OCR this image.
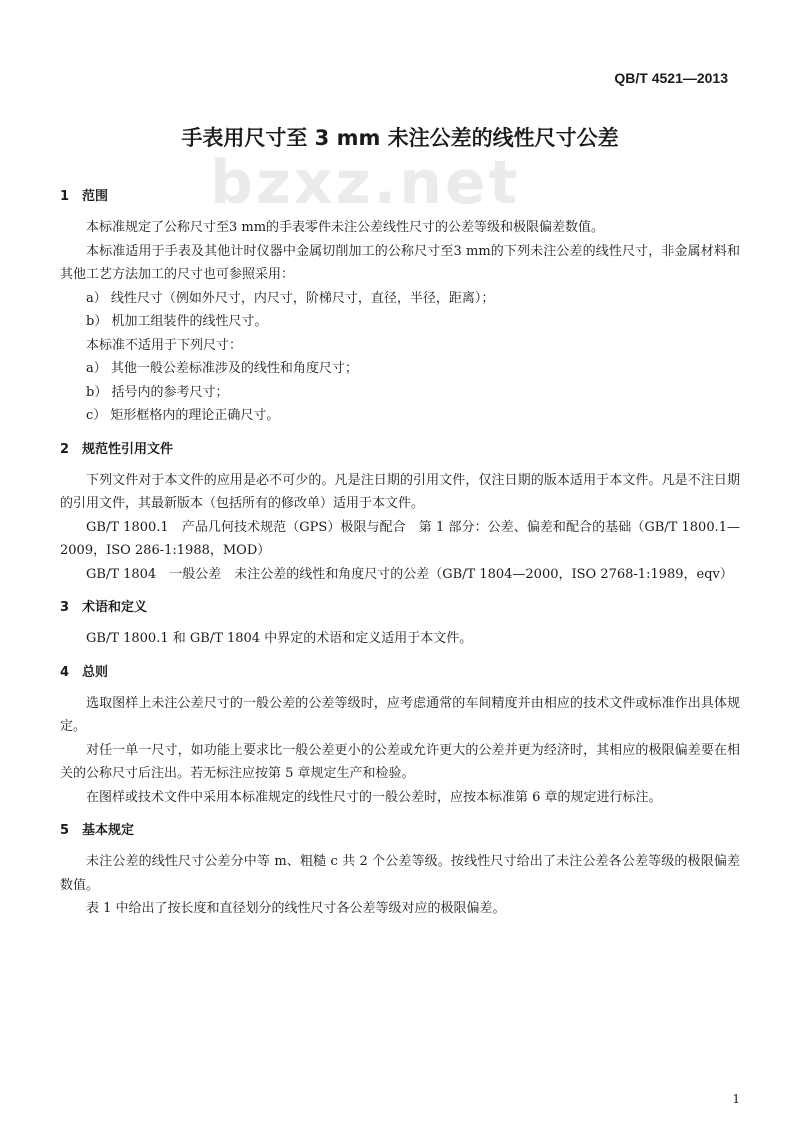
QB/T 4521—2013
bzxz.net
手表用尺寸至 3 mm 未注公差的线性尺寸公差
1 范围

本标准规定了公称尺寸至3 mm的手表零件未注公差线性尺寸的公差等级和极限偏差数值。

本标准适用于手表及其他计时仪器中金属切削加工的公称尺寸至3 mm的下列未注公差的线性尺寸，非金属材料和其他工艺方法加工的尺寸也可参照采用：

a） 线性尺寸（例如外尺寸，内尺寸，阶梯尺寸，直径，半径，距离）；

b） 机加工组装件的线性尺寸。

本标准不适用于下列尺寸：

a） 其他一般公差标准涉及的线性和角度尺寸；

b） 括号内的参考尺寸；

c） 矩形框格内的理论正确尺寸。

2 规范性引用文件

下列文件对于本文件的应用是必不可少的。凡是注日期的引用文件，仅注日期的版本适用于本文件。凡是不注日期的引用文件，其最新版本（包括所有的修改单）适用于本文件。

GB/T 1800.1　产品几何技术规范（GPS）极限与配合　第 1 部分：公差、偏差和配合的基础（GB/T 1800.1—2009，ISO 286-1:1988，MOD）

GB/T 1804　一般公差　未注公差的线性和角度尺寸的公差（GB/T 1804—2000，ISO 2768-1:1989，eqv）

3 术语和定义

GB/T 1800.1 和 GB/T 1804 中界定的术语和定义适用于本文件。

4 总则

选取图样上未注公差尺寸的一般公差的公差等级时，应考虑通常的车间精度并由相应的技术文件或标准作出具体规定。

对任一单一尺寸，如功能上要求比一般公差更小的公差或允许更大的公差并更为经济时，其相应的极限偏差要在相关的公称尺寸后注出。若无标注应按第 5 章规定生产和检验。

在图样或技术文件中采用本标准规定的线性尺寸的一般公差时，应按本标准第 6 章的规定进行标注。

5 基本规定

未注公差的线性尺寸公差分中等 m、粗糙 c 共 2 个公差等级。按线性尺寸给出了未注公差各公差等级的极限偏差数值。

表 1 中给出了按长度和直径划分的线性尺寸各公差等级对应的极限偏差。

1
